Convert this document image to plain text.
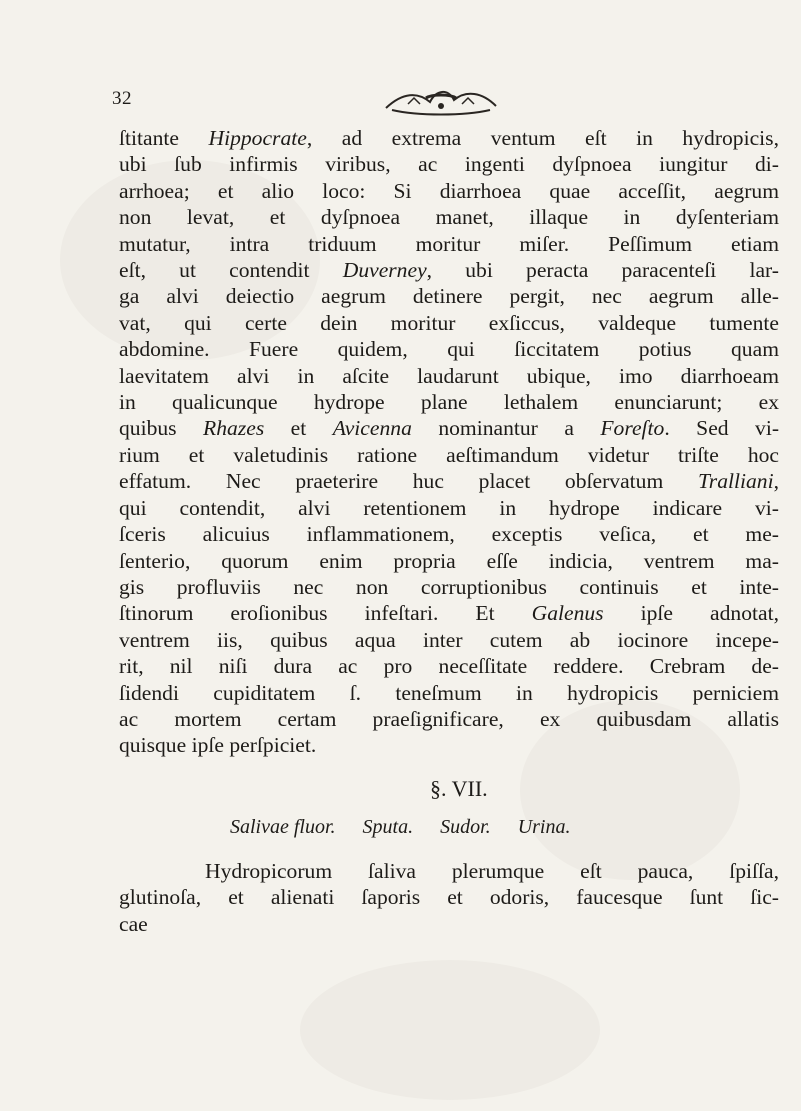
32
ſtitante Hippocrate, ad extrema ventum eſt in hydropicis,
ubi ſub infirmis viribus, ac ingenti dyſpnoea iungitur di-
arrhoea; et alio loco: Si diarrhoea quae acceſſit, aegrum
non levat, et dyſpnoea manet, illaque in dyſenteriam
mutatur, intra triduum moritur miſer. Peſſimum etiam
eſt, ut contendit Duverney, ubi peracta paracenteſi lar-
ga alvi deiectio aegrum detinere pergit, nec aegrum alle-
vat, qui certe dein moritur exſiccus, valdeque tumente
abdomine. Fuere quidem, qui ſiccitatem potius quam
laevitatem alvi in aſcite laudarunt ubique, imo diarrhoeam
in qualicunque hydrope plane lethalem enunciarunt; ex
quibus Rhazes et Avicenna nominantur a Foreſto. Sed vi-
rium et valetudinis ratione aeſtimandum videtur triſte hoc
effatum. Nec praeterire huc placet obſervatum Tralliani,
qui contendit, alvi retentionem in hydrope indicare vi-
ſceris alicuius inflammationem, exceptis veſica, et me-
ſenterio, quorum enim propria eſſe indicia, ventrem ma-
gis profluviis nec non corruptionibus continuis et inte-
ſtinorum eroſionibus infeſtari. Et Galenus ipſe adnotat,
ventrem iis, quibus aqua inter cutem ab iocinore incepe-
rit, nil niſi dura ac pro neceſſitate reddere. Crebram de-
ſidendi cupiditatem ſ. teneſmum in hydropicis perniciem
ac mortem certam praeſignificare, ex quibusdam allatis
quisque ipſe perſpiciet.
§. VII.
Salivae fluor. Sputa. Sudor. Urina.
Hydropicorum ſaliva plerumque eſt pauca, ſpiſſa,
glutinoſa, et alienati ſaporis et odoris, faucesque ſunt ſic-
cae
